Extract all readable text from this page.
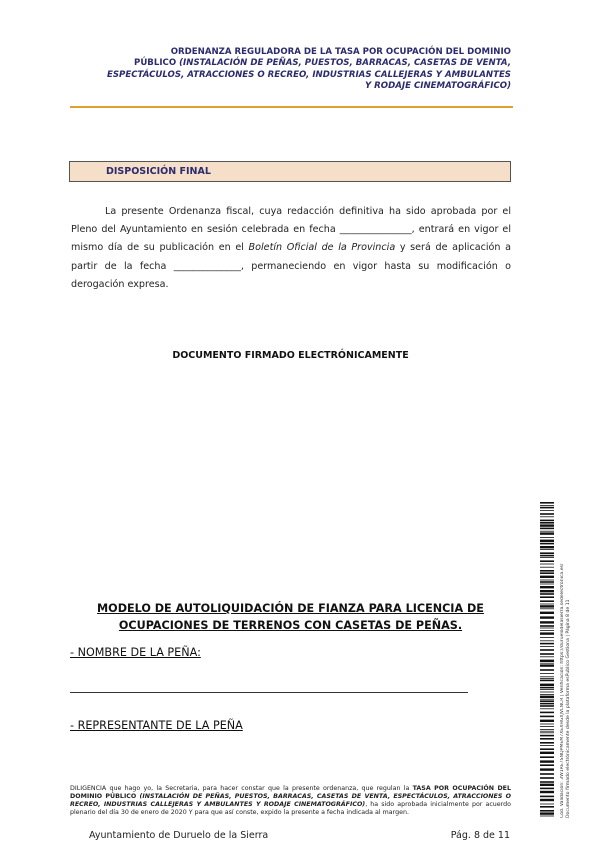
ORDENANZA REGULADORA DE LA TASA POR OCUPACIÓN DEL DOMINIO
PÚBLICO (INSTALACIÓN DE PEÑAS, PUESTOS, BARRACAS, CASETAS DE VENTA,
ESPECTÁCULOS, ATRACCIONES O RECREO, INDUSTRIAS CALLEJERAS Y AMBULANTES
Y RODAJE CINEMATOGRÁFICO)
DISPOSICIÓN FINAL
La presente Ordenanza fiscal, cuya redacción definitiva ha sido aprobada por el Pleno del Ayuntamiento en sesión celebrada en fecha _______________, entrará en vigor el mismo día de su publicación en el Boletín Oficial de la Provincia y será de aplicación a partir de la fecha ______________, permaneciendo en vigor hasta su modificación o derogación expresa.
DOCUMENTO FIRMADO ELECTRÓNICAMENTE
MODELO DE AUTOLIQUIDACIÓN DE FIANZA PARA LICENCIA DE
OCUPACIONES DE TERRENOS CON CASETAS DE PEÑAS.
- NOMBRE DE LA PEÑA:
- REPRESENTANTE DE LA PEÑA
DILIGENCIA que hago yo, la Secretaria, para hacer constar que la presente ordenanza, que regulan la TASA POR OCUPACIÓN DEL DOMINIO PÚBLICO (INSTALACIÓN DE PEÑAS, PUESTOS, BARRACAS, CASETAS DE VENTA, ESPECTÁCULOS, ATRACCIONES O RECREO, INDUSTRIAS CALLEJERAS Y AMBULANTES Y RODAJE CINEMATOGRÁFICO), ha sido aprobada inicialmente por acuerdo plenario del día 30 de enero de 2020 Y para que así conste, expido la presente a fecha indicada al margen.
Ayuntamiento de Duruelo de la Sierra	Pág. 8 de 11
Cód. Validación: 3W1RE7SNQPMEM7XEXHGXJVLNCR | Verificación: https://duruelodelasierra.sedelectronica.es/ Documento firmado electrónicamente desde la plataforma esPublico Gestiona | Página 8 de 11
